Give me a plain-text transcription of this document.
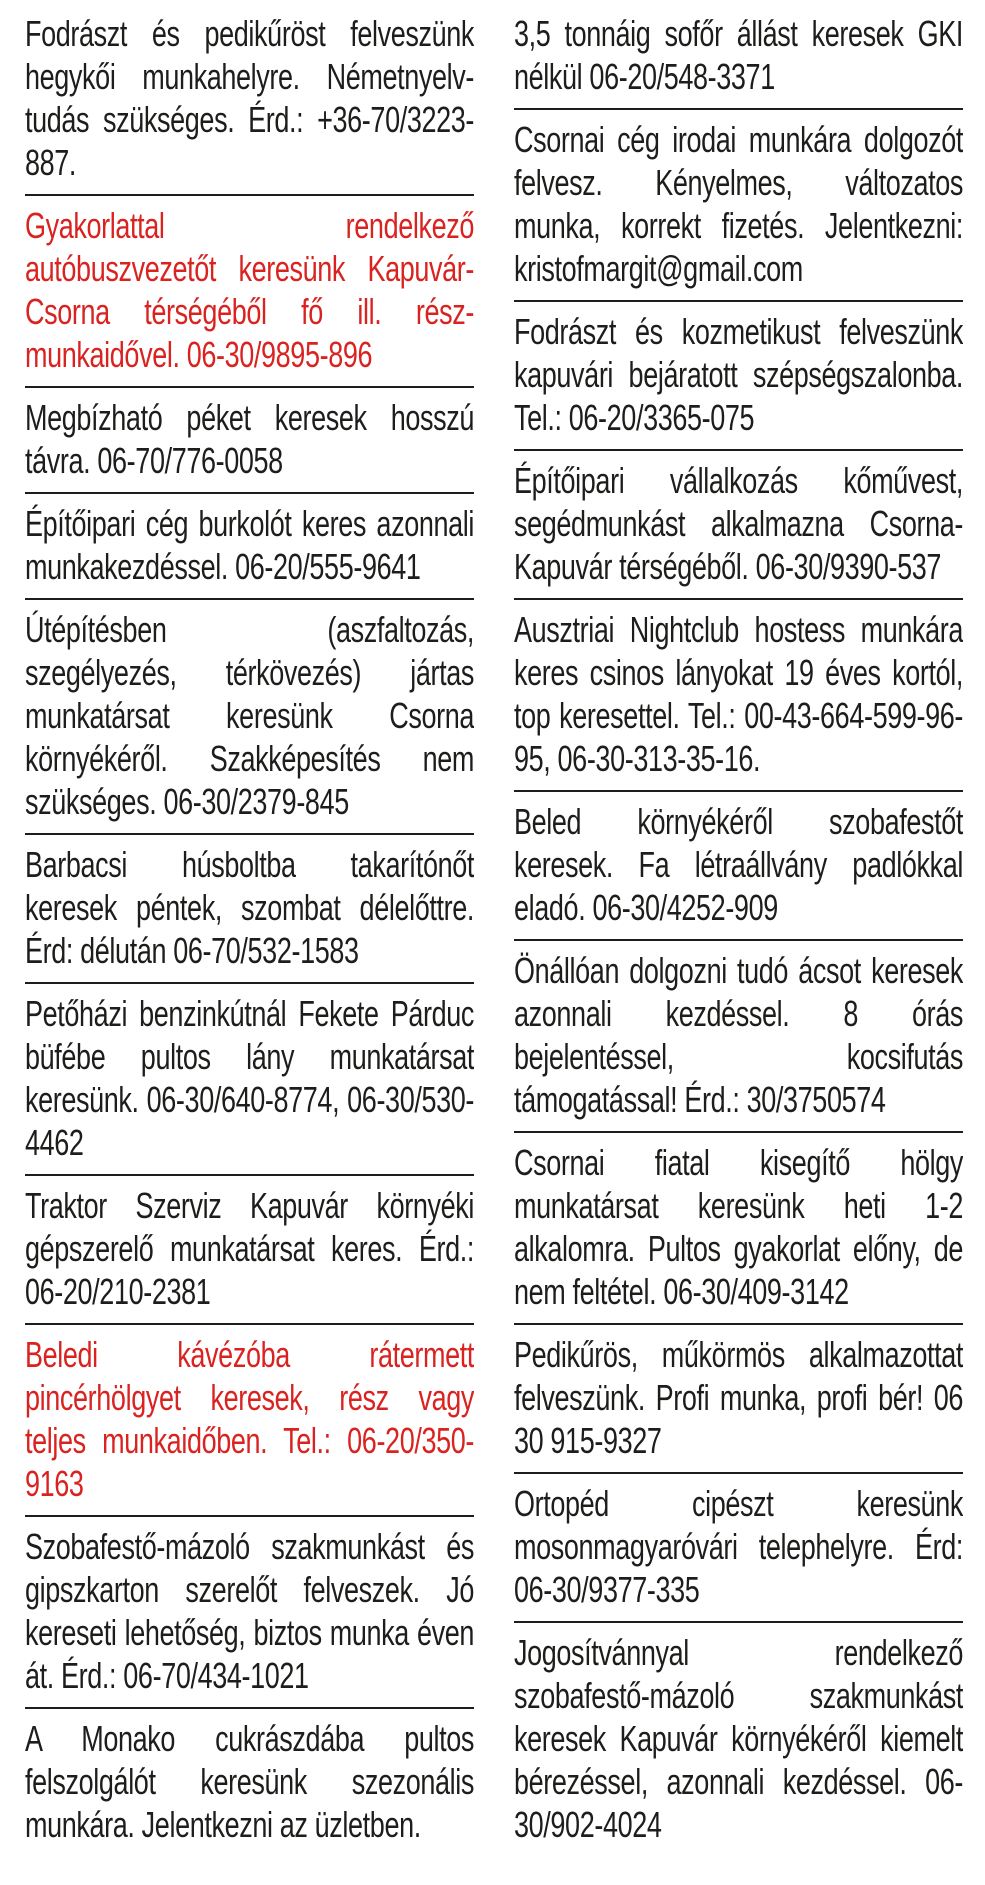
Fodrászt és pedikűröst felveszünk hegykői munkahelyre. Németnyelv-tudás szükséges. Érd.: +36-70/3223-887.
Gyakorlattal rendelkező autóbuszvezetőt keresünk Kapuvár-Csorna térségéből fő ill. rész-munkaidővel. 06-30/9895-896
Megbízható péket keresek hosszú távra. 06-70/776-0058
Építőipari cég burkolót keres azonnali munkakezdéssel. 06-20/555-9641
Útépítésben (aszfaltozás, szegélyezés, térkövezés) jártas munkatársat keresünk Csorna környékéről. Szakképesítés nem szükséges. 06-30/2379-845
Barbacsi húsboltba takarítónőt keresek péntek, szombat délelőttre. Érd: délután 06-70/532-1583
Petőházi benzinkútnál Fekete Párduc büfébe pultos lány munkatársat keresünk. 06-30/640-8774, 06-30/530-4462
Traktor Szerviz Kapuvár környéki gépszerelő munkatársat keres. Érd.: 06-20/210-2381
Beledi kávézóba rátermett pincérhölgyet keresek, rész vagy teljes munkaidőben. Tel.: 06-20/350-9163
Szobafestő-mázoló szakmunkást és gipszkarton szerelőt felveszek. Jó kereseti lehetőség, biztos munka éven át. Érd.: 06-70/434-1021
A Monako cukrászdába pultos felszolgálót keresünk szezonális munkára. Jelentkezni az üzletben.
3,5 tonnáig sofőr állást keresek GKI nélkül 06-20/548-3371
Csornai cég irodai munkára dolgozót felvesz. Kényelmes, változatos munka, korrekt fizetés. Jelentkezni: kristofmargit@gmail.com
Fodrászt és kozmetikust felveszünk kapuvári bejáratott szépségszalonba. Tel.: 06-20/3365-075
Építőipari vállalkozás kőművest, segédmunkást alkalmazna Csorna-Kapuvár térségéből. 06-30/9390-537
Ausztriai Nightclub hostess munkára keres csinos lányokat 19 éves kortól, top keresettel. Tel.: 00-43-664-599-96-95, 06-30-313-35-16.
Beled környékéről szobafestőt keresek. Fa létraállvány padlókkal eladó. 06-30/4252-909
Önállóan dolgozni tudó ácsot keresek azonnali kezdéssel. 8 órás bejelentéssel, kocsifutás támogatással! Érd.: 30/3750574
Csornai fiatal kisegítő hölgy munkatársat keresünk heti 1-2 alkalomra. Pultos gyakorlat előny, de nem feltétel. 06-30/409-3142
Pedikűrös, műkörmös alkalmazottat felveszünk. Profi munka, profi bér! 06 30 915-9327
Ortopéd cipészt keresünk mosonmagyaróvári telephelyre. Érd: 06-30/9377-335
Jogosítvánnyal rendelkező szobafestő-mázoló szakmunkást keresek Kapuvár környékéről kiemelt bérezéssel, azonnali kezdéssel. 06-30/902-4024
